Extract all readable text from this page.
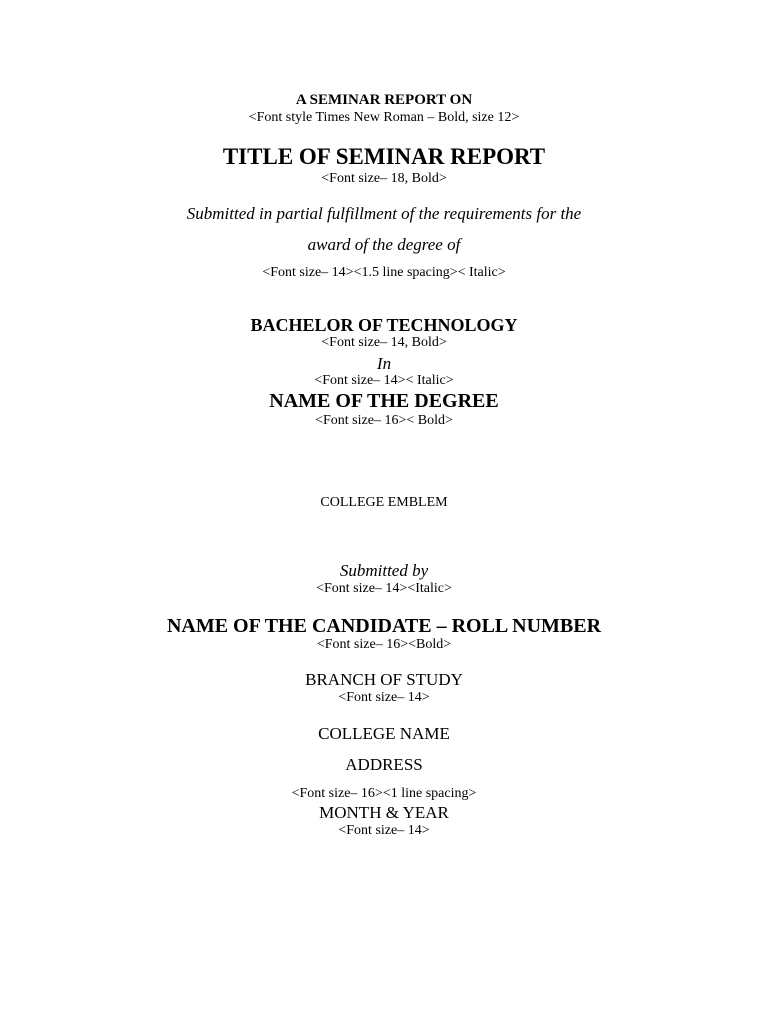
A SEMINAR REPORT ON
<Font style Times New Roman – Bold, size 12>
TITLE OF SEMINAR REPORT
<Font size– 18, Bold>
Submitted in partial fulfillment of the requirements for the
award of the degree of
<Font size– 14><1.5 line spacing>< Italic>
BACHELOR OF TECHNOLOGY
<Font size– 14, Bold>
In
<Font size– 14>< Italic>
NAME OF THE DEGREE
<Font size– 16>< Bold>
COLLEGE EMBLEM
Submitted by
<Font size– 14><Italic>
NAME OF THE CANDIDATE – ROLL NUMBER
<Font size– 16><Bold>
BRANCH OF STUDY
<Font size– 14>
COLLEGE NAME
ADDRESS
<Font size– 16><1 line spacing>
MONTH & YEAR
<Font size– 14>
